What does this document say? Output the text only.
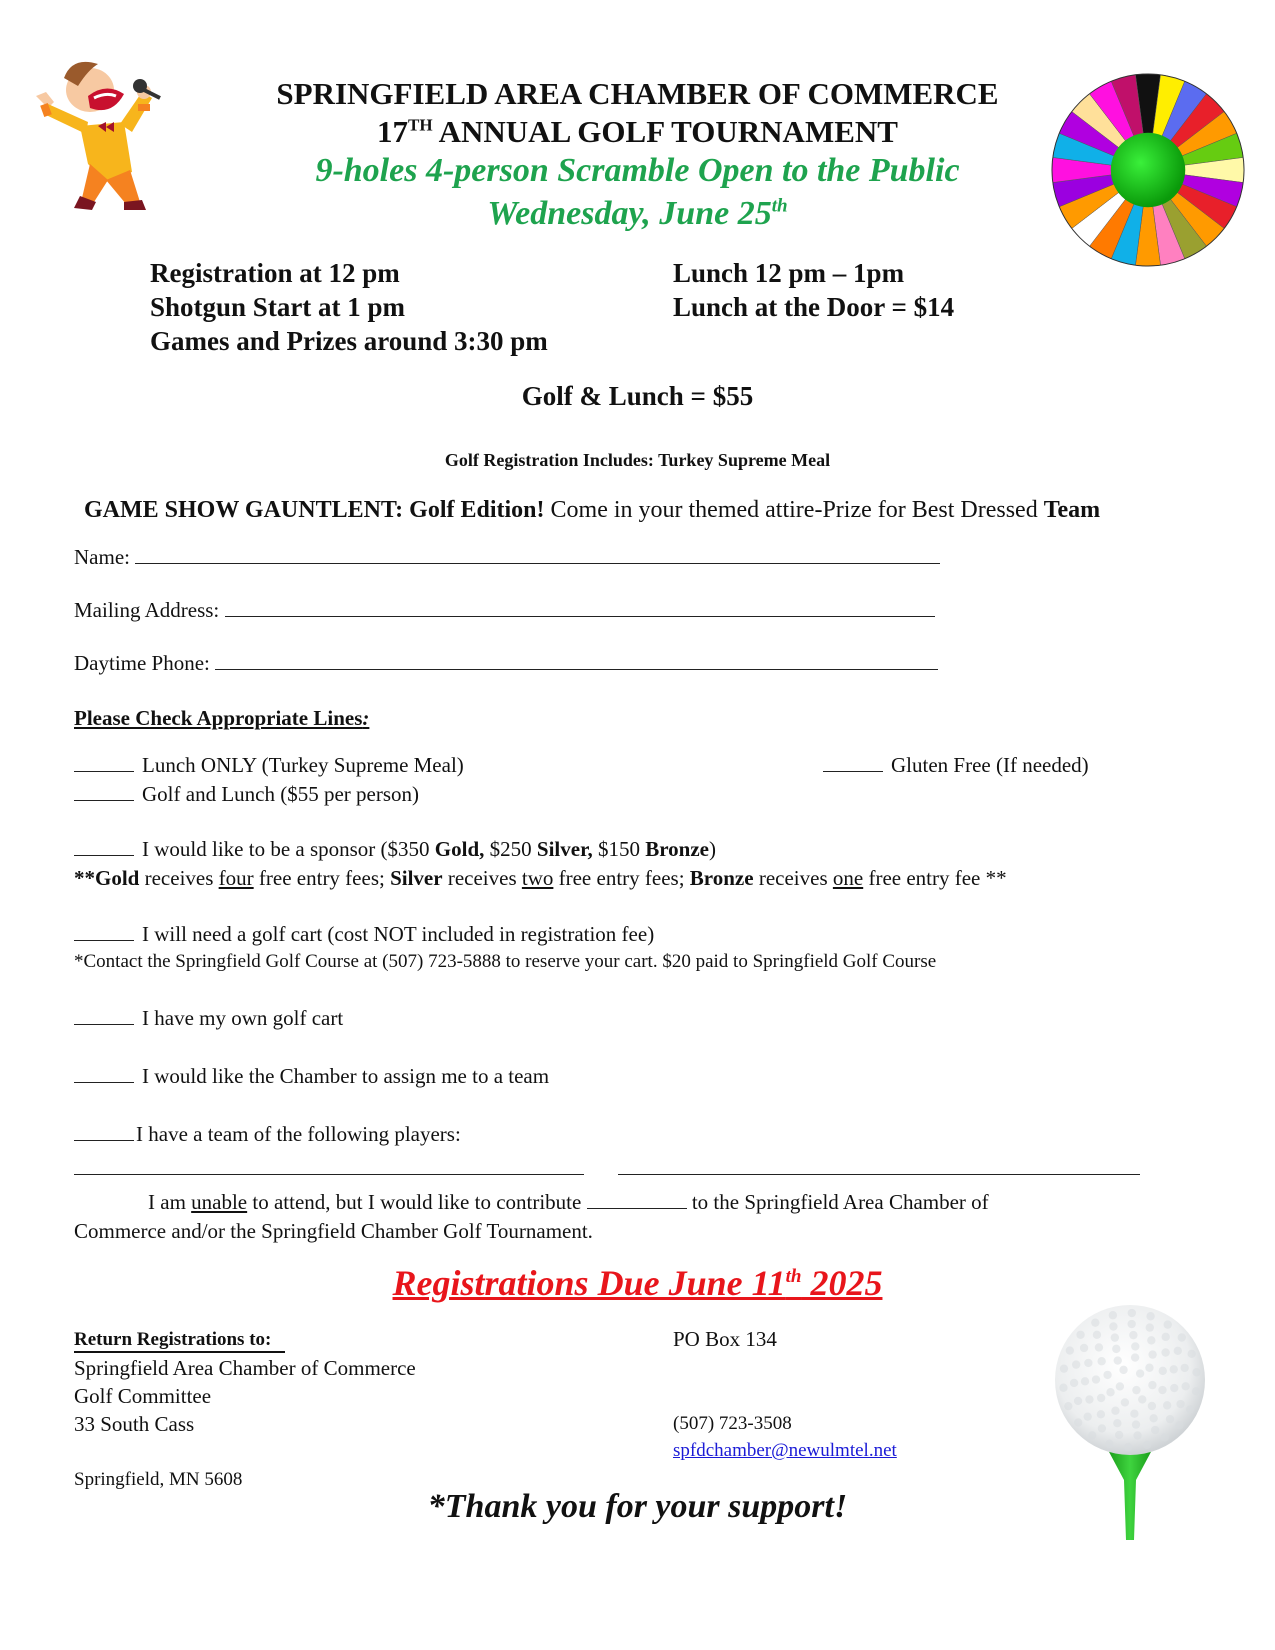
SPRINGFIELD AREA CHAMBER OF COMMERCE
17TH ANNUAL GOLF TOURNAMENT
9-holes 4-person Scramble Open to the Public
Wednesday, June 25th
Registration at 12 pm
Shotgun Start at 1 pm
Games and Prizes around 3:30 pm
Lunch 12 pm – 1pm
Lunch at the Door = $14
Golf & Lunch = $55
Golf Registration Includes: Turkey Supreme Meal
GAME SHOW GAUNTLENT: Golf Edition! Come in your themed attire-Prize for Best Dressed Team
Name:
Mailing Address:
Daytime Phone:
Please Check Appropriate Lines:
Lunch ONLY (Turkey Supreme Meal)	Gluten Free (If needed)
Golf and Lunch ($55 per person)
I would like to be a sponsor ($350 Gold, $250 Silver, $150 Bronze)
**Gold receives four free entry fees; Silver receives two free entry fees; Bronze receives one free entry fee **
I will need a golf cart (cost NOT included in registration fee)
*Contact the Springfield Golf Course at (507) 723-5888 to reserve your cart. $20 paid to Springfield Golf Course
I have my own golf cart
I would like the Chamber to assign me to a team
I have a team of the following players:
I am unable to attend, but I would like to contribute	to the Springfield Area Chamber of
Commerce and/or the Springfield Chamber Golf Tournament.
Registrations Due June 11th 2025
Return Registrations to:
Springfield Area Chamber of Commerce
Golf Committee
33 South Cass
Springfield, MN 5608
PO Box 134
(507) 723-3508
spfdchamber@newulmtel.net
*Thank you for your support!
